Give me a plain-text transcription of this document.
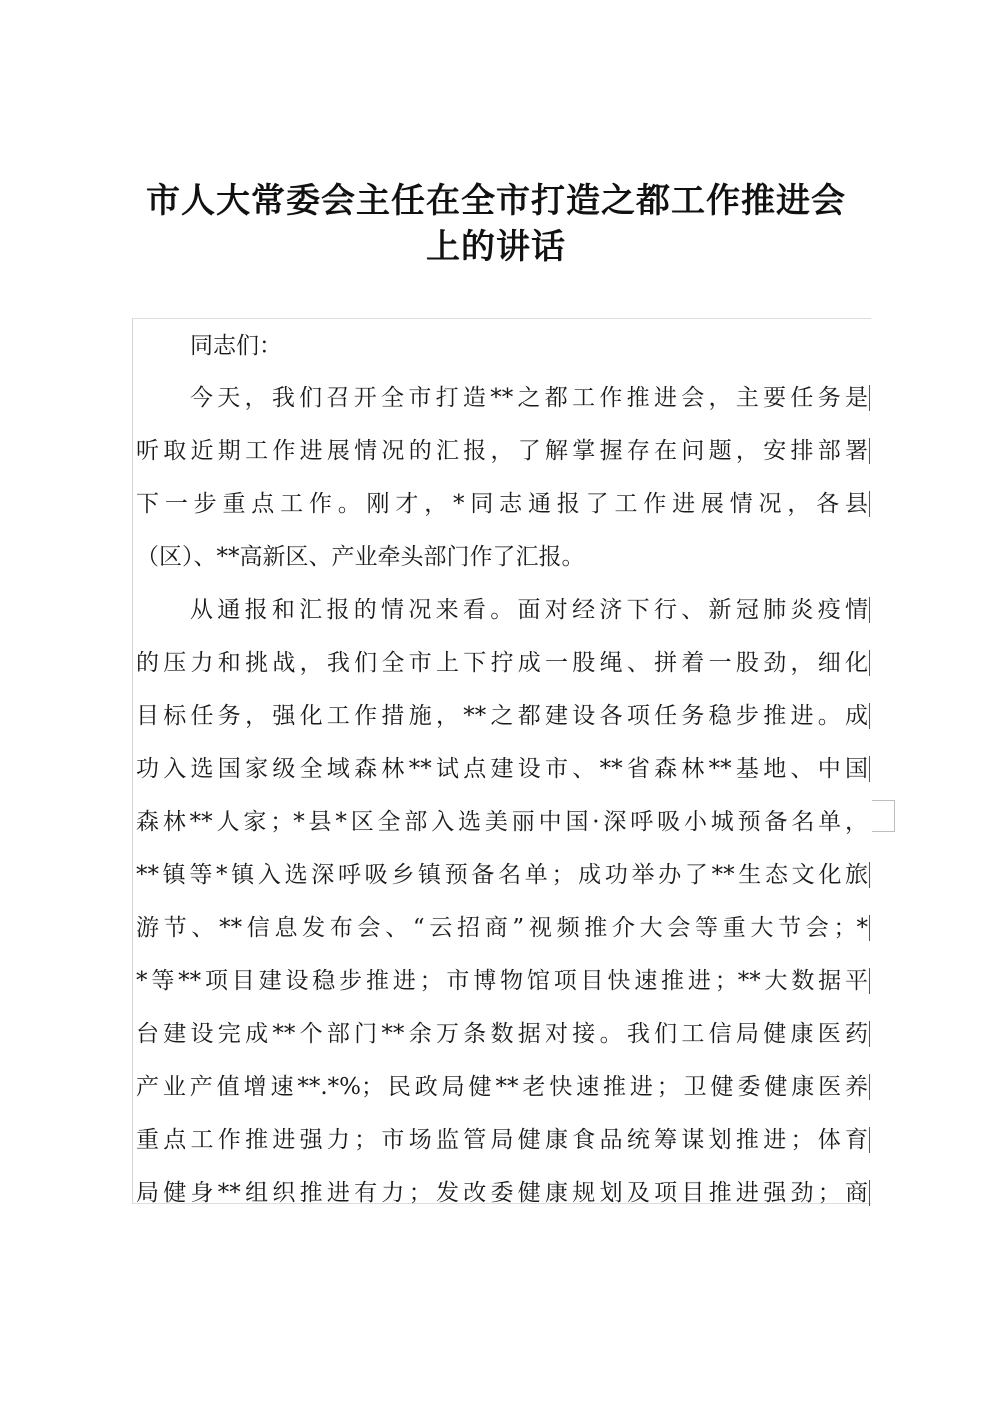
市人大常委会主任在全市打造之都工作推进会
上的讲话
同志们：
今天，我们召开全市打造**之都工作推进会，主要任务是
听取近期工作进展情况的汇报，了解掌握存在问题，安排部署
下一步重点工作。刚才，*同志通报了工作进展情况，各县
（区）、**高新区、产业牵头部门作了汇报。
从通报和汇报的情况来看。面对经济下行、新冠肺炎疫情
的压力和挑战，我们全市上下拧成一股绳、拼着一股劲，细化
目标任务，强化工作措施，**之都建设各项任务稳步推进。成
功入选国家级全域森林**试点建设市、**省森林**基地、中国
森林**人家；*县*区全部入选美丽中国·深呼吸小城预备名单，
**镇等*镇入选深呼吸乡镇预备名单；成功举办了**生态文化旅
游节、**信息发布会、“云招商”视频推介大会等重大节会；*
*等**项目建设稳步推进；市博物馆项目快速推进；**大数据平
台建设完成**个部门**余万条数据对接。我们工信局健康医药
产业产值增速**.*%；民政局健**老快速推进；卫健委健康医养
重点工作推进强力；市场监管局健康食品统筹谋划推进；体育
局健身**组织推进有力；发改委健康规划及项目推进强劲；商
